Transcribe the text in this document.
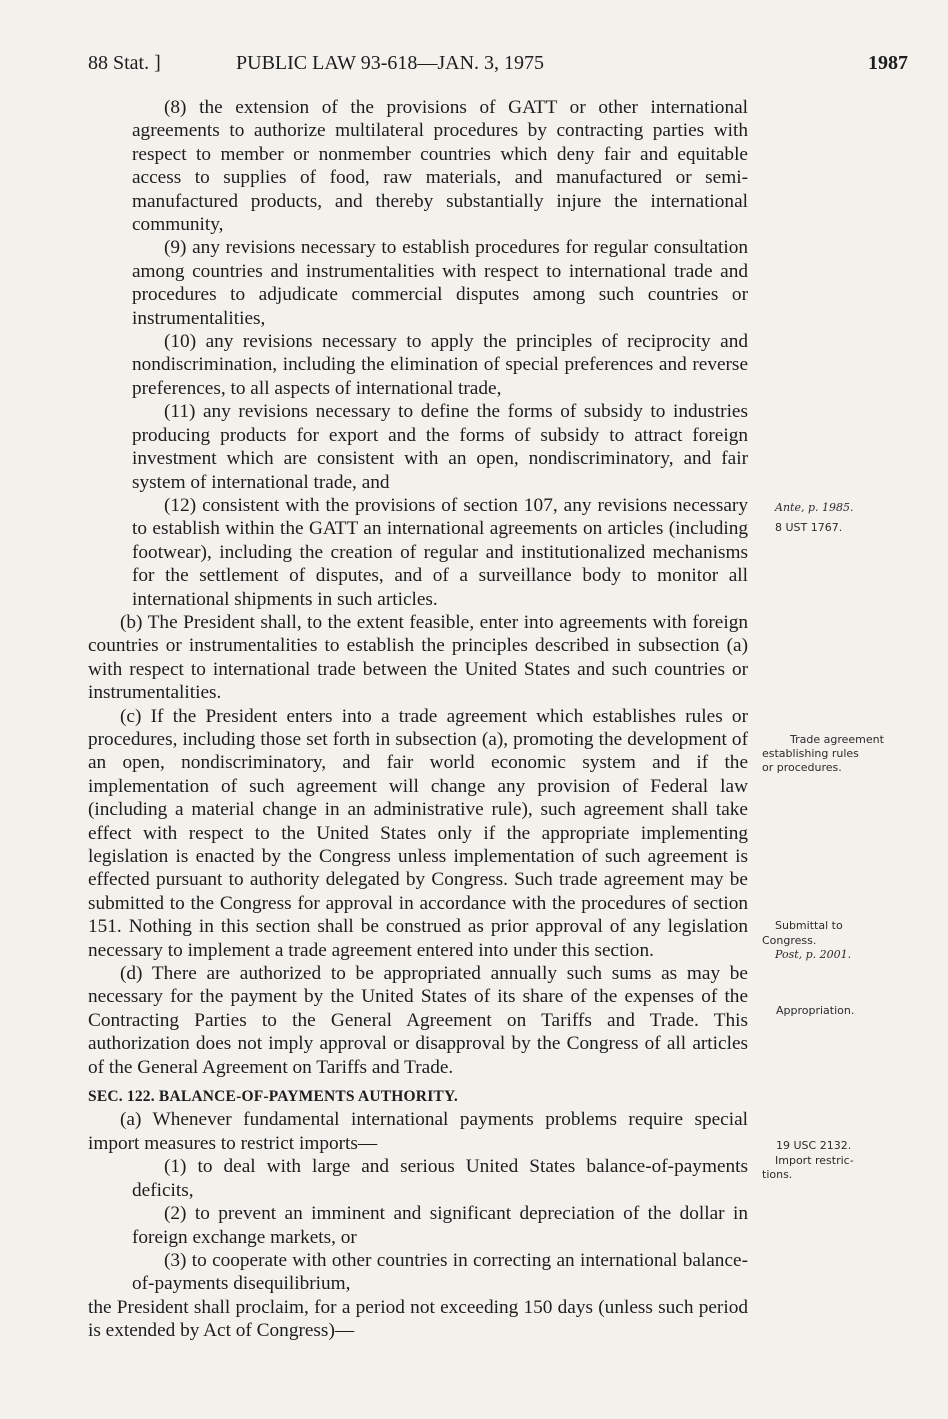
88 Stat. ]	PUBLIC LAW 93-618—JAN. 3, 1975	1987

(8) the extension of the provisions of GATT or other international agreements to authorize multilateral procedures by contracting parties with respect to member or nonmember countries which deny fair and equitable access to supplies of food, raw materials, and manufactured or semi-manufactured products, and thereby substantially injure the international community,

(9) any revisions necessary to establish procedures for regular consultation among countries and instrumentalities with respect to international trade and procedures to adjudicate commercial disputes among such countries or instrumentalities,

(10) any revisions necessary to apply the principles of reciprocity and nondiscrimination, including the elimination of special preferences and reverse preferences, to all aspects of international trade,

(11) any revisions necessary to define the forms of subsidy to industries producing products for export and the forms of subsidy to attract foreign investment which are consistent with an open, nondiscriminatory, and fair system of international trade, and

(12) consistent with the provisions of section 107, any revisions necessary to establish within the GATT an international agreements on articles (including footwear), including the creation of regular and institutionalized mechanisms for the settlement of disputes, and of a surveillance body to monitor all international shipments in such articles.

(b) The President shall, to the extent feasible, enter into agreements with foreign countries or instrumentalities to establish the principles described in subsection (a) with respect to international trade between the United States and such countries or instrumentalities.

(c) If the President enters into a trade agreement which establishes rules or procedures, including those set forth in subsection (a), promoting the development of an open, nondiscriminatory, and fair world economic system and if the implementation of such agreement will change any provision of Federal law (including a material change in an administrative rule), such agreement shall take effect with respect to the United States only if the appropriate implementing legislation is enacted by the Congress unless implementation of such agreement is effected pursuant to authority delegated by Congress. Such trade agreement may be submitted to the Congress for approval in accordance with the procedures of section 151. Nothing in this section shall be construed as prior approval of any legislation necessary to implement a trade agreement entered into under this section.

(d) There are authorized to be appropriated annually such sums as may be necessary for the payment by the United States of its share of the expenses of the Contracting Parties to the General Agreement on Tariffs and Trade. This authorization does not imply approval or disapproval by the Congress of all articles of the General Agreement on Tariffs and Trade.

SEC. 122. BALANCE-OF-PAYMENTS AUTHORITY.

(a) Whenever fundamental international payments problems require special import measures to restrict imports—

(1) to deal with large and serious United States balance-of-payments deficits,

(2) to prevent an imminent and significant depreciation of the dollar in foreign exchange markets, or

(3) to cooperate with other countries in correcting an international balance-of-payments disequilibrium,

the President shall proclaim, for a period not exceeding 150 days (unless such period is extended by Act of Congress)—

Ante, p. 1985.
8 UST 1767.
Trade agreement
establishing rules
or procedures.
Submittal to
Congress.
Post, p. 2001.
Appropriation.
19 USC 2132.
Import restric-
tions.
